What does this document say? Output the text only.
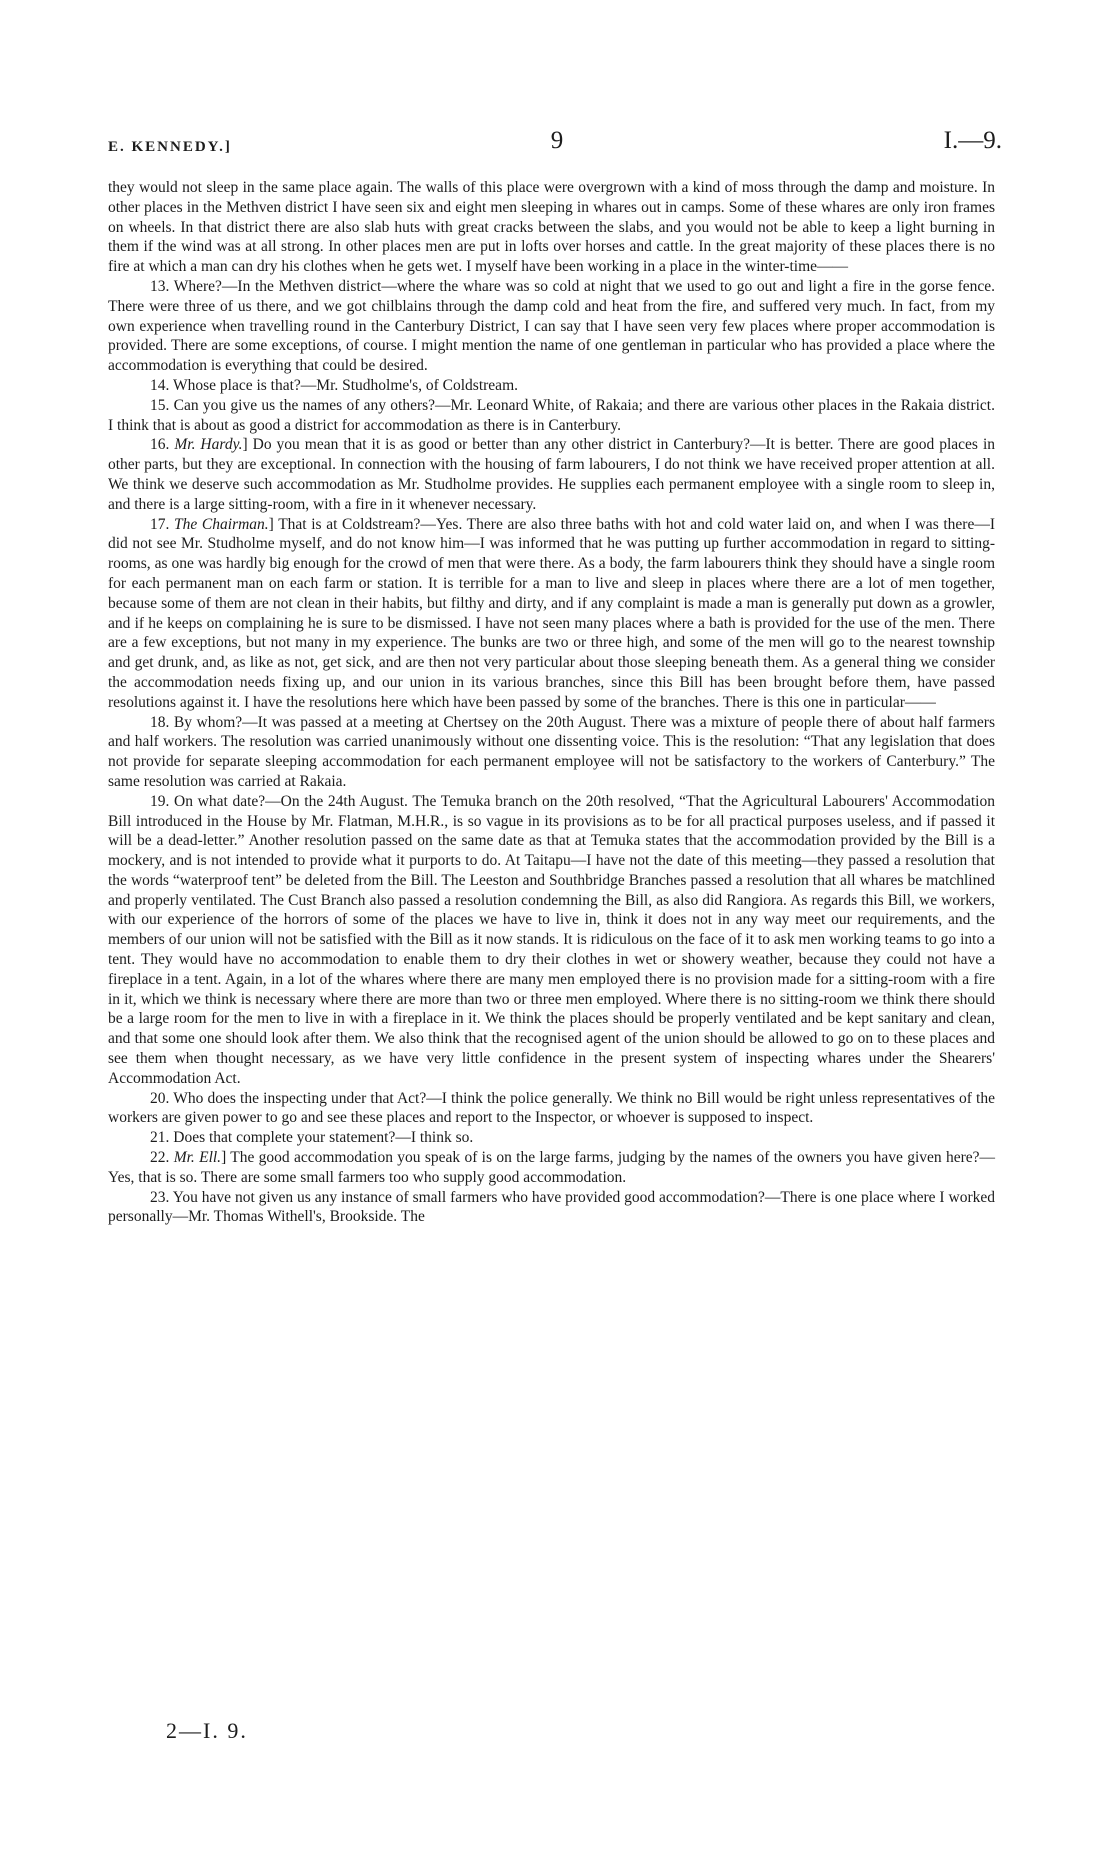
E. KENNEDY.]	9	I.—9.

they would not sleep in the same place again. The walls of this place were overgrown with a kind of moss through the damp and moisture. In other places in the Methven district I have seen six and eight men sleeping in whares out in camps. Some of these whares are only iron frames on wheels. In that district there are also slab huts with great cracks between the slabs, and you would not be able to keep a light burning in them if the wind was at all strong. In other places men are put in lofts over horses and cattle. In the great majority of these places there is no fire at which a man can dry his clothes when he gets wet. I myself have been working in a place in the winter-time——

13. Where?—In the Methven district—where the whare was so cold at night that we used to go out and light a fire in the gorse fence. There were three of us there, and we got chilblains through the damp cold and heat from the fire, and suffered very much. In fact, from my own experience when travelling round in the Canterbury District, I can say that I have seen very few places where proper accommodation is provided. There are some exceptions, of course. I might mention the name of one gentleman in particular who has provided a place where the accommodation is everything that could be desired.

14. Whose place is that?—Mr. Studholme's, of Coldstream.

15. Can you give us the names of any others?—Mr. Leonard White, of Rakaia; and there are various other places in the Rakaia district. I think that is about as good a district for accommodation as there is in Canterbury.

16. Mr. Hardy.] Do you mean that it is as good or better than any other district in Canterbury?—It is better. There are good places in other parts, but they are exceptional. In connection with the housing of farm labourers, I do not think we have received proper attention at all. We think we deserve such accommodation as Mr. Studholme provides. He supplies each permanent employee with a single room to sleep in, and there is a large sitting-room, with a fire in it whenever necessary.

17. The Chairman.] That is at Coldstream?—Yes. There are also three baths with hot and cold water laid on, and when I was there—I did not see Mr. Studholme myself, and do not know him—I was informed that he was putting up further accommodation in regard to sitting-rooms, as one was hardly big enough for the crowd of men that were there. As a body, the farm labourers think they should have a single room for each permanent man on each farm or station. It is terrible for a man to live and sleep in places where there are a lot of men together, because some of them are not clean in their habits, but filthy and dirty, and if any complaint is made a man is generally put down as a growler, and if he keeps on complaining he is sure to be dismissed. I have not seen many places where a bath is provided for the use of the men. There are a few exceptions, but not many in my experience. The bunks are two or three high, and some of the men will go to the nearest township and get drunk, and, as like as not, get sick, and are then not very particular about those sleeping beneath them. As a general thing we consider the accommodation needs fixing up, and our union in its various branches, since this Bill has been brought before them, have passed resolutions against it. I have the resolutions here which have been passed by some of the branches. There is this one in particular——

18. By whom?—It was passed at a meeting at Chertsey on the 20th August. There was a mixture of people there of about half farmers and half workers. The resolution was carried unanimously without one dissenting voice. This is the resolution: “That any legislation that does not provide for separate sleeping accommodation for each permanent employee will not be satisfactory to the workers of Canterbury.” The same resolution was carried at Rakaia.

19. On what date?—On the 24th August. The Temuka branch on the 20th resolved, “That the Agricultural Labourers' Accommodation Bill introduced in the House by Mr. Flatman, M.H.R., is so vague in its provisions as to be for all practical purposes useless, and if passed it will be a dead-letter.” Another resolution passed on the same date as that at Temuka states that the accommodation provided by the Bill is a mockery, and is not intended to provide what it purports to do. At Taitapu—I have not the date of this meeting—they passed a resolution that the words “waterproof tent” be deleted from the Bill. The Leeston and Southbridge Branches passed a resolution that all whares be matchlined and properly ventilated. The Cust Branch also passed a resolution condemning the Bill, as also did Rangiora. As regards this Bill, we workers, with our experience of the horrors of some of the places we have to live in, think it does not in any way meet our requirements, and the members of our union will not be satisfied with the Bill as it now stands. It is ridiculous on the face of it to ask men working teams to go into a tent. They would have no accommodation to enable them to dry their clothes in wet or showery weather, because they could not have a fireplace in a tent. Again, in a lot of the whares where there are many men employed there is no provision made for a sitting-room with a fire in it, which we think is necessary where there are more than two or three men employed. Where there is no sitting-room we think there should be a large room for the men to live in with a fireplace in it. We think the places should be properly ventilated and be kept sanitary and clean, and that some one should look after them. We also think that the recognised agent of the union should be allowed to go on to these places and see them when thought necessary, as we have very little confidence in the present system of inspecting whares under the Shearers' Accommodation Act.

20. Who does the inspecting under that Act?—I think the police generally. We think no Bill would be right unless representatives of the workers are given power to go and see these places and report to the Inspector, or whoever is supposed to inspect.

21. Does that complete your statement?—I think so.

22. Mr. Ell.] The good accommodation you speak of is on the large farms, judging by the names of the owners you have given here?—Yes, that is so. There are some small farmers too who supply good accommodation.

23. You have not given us any instance of small farmers who have provided good accommodation?—There is one place where I worked personally—Mr. Thomas Withell's, Brookside. The

2—I. 9.
